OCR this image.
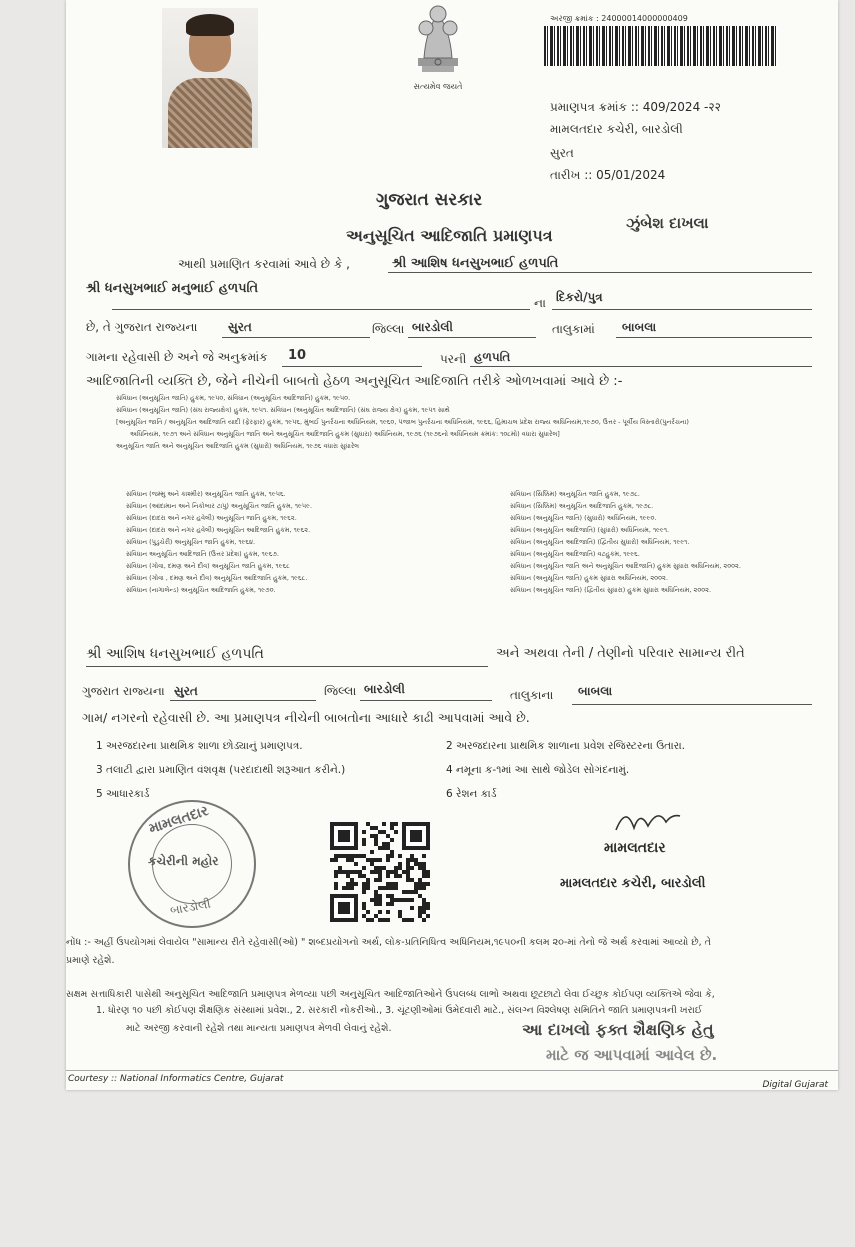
સત્યમેવ જયતે
અરજી ક્રમાંક : 24000014000000409
પ્રમાણપત્ર ક્રમાંક :: 409/2024 -२२
મામલતદાર કચેરી, બારડોલી
સુરત
તારીખ :: 05/01/2024
ગુજરાત સરકાર
અનુસૂચિત આદિજાતિ પ્રમાણપત્ર
ઝુંબેશ દાખલા
આથી પ્રમાણિત કરવામાં આવે છે કે ,	શ્રી આશિષ ધનસુખભાઈ હળપતિ
શ્રી ધનસુખભાઈ મનુભાઈ હળપતિ
ના દિકરો/પુત્ર
છે, તે ગુજરાત રાજ્યના	સુરત	જિલ્લા બારડોલી	તાલુકામાં બાબલા
ગામના રહેવાસી છે અને જે અનુક્રમાંક 10	પરની હળપતિ
આદિજાતિની વ્યક્તિ છે, જેને નીચેની બાબતો હેઠળ અનુસૂચિત આદિજાતિ તરીકે ઓળખવામાં આવે છે :-
સંવિધાન (અનુસૂચિત જાતિ) હુકમ, ૧૯૫૦, સંવિધાન (અનુસૂચિત આદિજાતિ) હુકમ, ૧૯૫૦.
સંવિધાન (અનુસૂચિત જાતિ) (સંઘ રાજ્યક્ષેત્ર) હુકમ, ૧૯૫૧. સંવિધાન (અનુસૂચિત આદિજાતિ) (સંઘ રાજ્ય ક્ષેત્ર) હુકમ, ૧૯૫૧ સાથે
[અનુસૂચિત જાતિ / અનુસૂચિત આદિજાતિ યાદી (ફેરફાર) હુકમ, ૧૯૫૬, મુંબઈ પુનર્રચના અધિનિયમ, ૧૯૬૦, પંજાબ પુનર્રચના અધિનિયમ, ૧૯૬૬, હિમાચલ પ્રદેશ રાજ્ય અધિનિયમ,૧૯૭૦, ઉત્તર - પૂર્વીય વિસ્તારો(પુનર્રચના)
અધિનિયમ, ૧૯૭૧ અને સંવિધાન અનુસૂચિત જાતિ અને અનુસૂચિત આદિજાતિ હુકમ (સુધારા) અધિનિયમ, ૧૯૭૬ (૧૯૭૬નો અધિનિયમ ક્રમાંક: ૧૦૮મો) વધારા સુધારેલ]
અનુસૂચિત જાતિ અને અનુસૂચિત આદિજાતિ હુકમ (સુધારો) અધિનિયમ, ૧૯૭૬ વધારા સુધારેલ
સંવિધાન (જમ્મુ અને કાશ્મીર) અનુસૂચિત જાતિ હુકમ, ૧૯૫૬.
સંવિધાન (આંદામાન અને નિકોબાર ટાપુ) અનુસૂચિત જાતિ હુકમ, ૧૯૫૯.
સંવિધાન (દાદરા અને નગર હવેલી) અનુસૂચિત જાતિ હુકમ, ૧૯૬૨.
સંવિધાન (દાદરા અને નગર હવેલી) અનુસૂચિત આદિજાતિ હુકમ, ૧૯૬૨.
સંવિધાન (પુડુચેરી) અનુસૂચિત જાતિ હુકમ, ૧૯૬૪.
સંવિધાન અનુસૂચિત આદિજાતિ (ઉત્તર પ્રદેશ) હુકમ, ૧૯૬૭.
સંવિધાન (ગોવા, દમણ અને દીવ) અનુસૂચિત જાતિ હુકમ, ૧૯૬૮
સંવિધાન (ગોવા , દમણ અને દીવ) અનુસૂચિત આદિજાતિ હુકમ, ૧૯૬૮.
સંવિધાન (નાગાલેન્ડ) અનુસૂચિત આદિજાતિ હુકમ, ૧૯૭૦.
સંવિધાન (સિક્કિમ) અનુસૂચિત જાતિ હુકમ, ૧૯૭૮.
સંવિધાન (સિક્કિમ) અનુસૂચિત આદિજાતિ હુકમ, ૧૯૭૮.
સંવિધાન (અનુસૂચિત જાતિ) (સુધારો) અધિનિયમ, ૧૯૯૦.
સંવિધાન (અનુસૂચિત આદિજાતિ) (સુધારો) અધિનિયમ, ૧૯૯૧.
સંવિધાન (અનુસૂચિત આદિજાતિ) (દ્વિતીય સુધારો) અધિનિયમ, ૧૯૯૧.
સંવિધાન (અનુસૂચિત આદિજાતિ) વટહુકમ, ૧૯૯૬.
સંવિધાન (અનુસૂચિત જાતિ અને અનુસૂચિત આદિજાતિ) હુકમ સુધારા અધિનિયમ, ૨૦૦૨.
સંવિધાન (અનુસૂચિત જાતિ) હુકમ સુધારા અધિનિયમ, ૨૦૦૨.
સંવિધાન (અનુસૂચિત જાતિ) (દ્વિતીય સુધારા) હુકમ સુધારા અધિનિયમ, ૨૦૦૨.
શ્રી આશિષ ધનસુખભાઈ હળપતિ	અને અથવા તેની / તેણીનો પરિવાર સામાન્ય રીતે
ગુજરાત રાજ્યના સુરત	જિલ્લા બારડોલી	તાલુકાના બાબલા
ગામ/ નગરનો રહેવાસી છે. આ પ્રમાણપત્ર નીચેની બાબતોના આધારે કાઢી આપવામાં આવે છે.
1 અરજદારના પ્રાથમિક શાળા છોડ્યાનું પ્રમાણપત્ર.	2 અરજદારના પ્રાથમિક શાળાના પ્રવેશ રજિસ્ટરના ઉતારા.
3 તલાટી દ્વારા પ્રમાણિત વંશવૃક્ષ (પરદાદાથી શરૂઆત કરીને.)	4 નમૂના ક-૧માં આ સાથે જોડેલ સોગંદનામું.
5 આધારકાર્ડ	6 રેશન કાર્ડ
મામલતદાર
કચેરીની મહોર
બારડોલી
મામલતદાર
મામલતદાર કચેરી, બારડોલી
નોંધ :- અહીં ઉપયોગમાં લેવાયેલ "સામાન્ય રીતે રહેવાસી(ઓ) " શબ્દપ્રયોગનો અર્થ, લોક-પ્રતિનિધિત્વ અધિનિયમ,૧૯૫૦ની કલમ ૨૦-માં તેનો જે અર્થ કરવામાં આવ્યો છે, તે
પ્રમાણે રહેશે.
સક્ષમ સત્તાધિકારી પાસેથી અનુસૂચિત આદિજાતિ પ્રમાણપત્ર મેળવ્યા પછી અનુસૂચિત આદિજાતિઓને ઉપલબ્ધ લાભો અથવા છૂટછાટો લેવા ઈચ્છુક કોઈપણ વ્યક્તિએ જેવા કે,
1. ધોરણ ૧૦ પછી કોઈપણ શૈક્ષણિક સંસ્થામાં પ્રવેશ., 2. સરકારી નોકરીઓ., 3. ચૂંટણીઓમાં ઉમેદવારી માટે., સંલગ્ન વિશ્લેષણ સમિતિને જાતિ પ્રમાણપત્રની ખરાઈ
માટે અરજી કરવાની રહેશે તથા માન્યતા પ્રમાણપત્ર મેળવી લેવાનું રહેશે.	આ દાખલો ફક્ત શૈક્ષણિક હેતુ
માટે જ આપવામાં આવેલ છે.
Courtesy :: National Informatics Centre, Gujarat
Digital Gujarat
